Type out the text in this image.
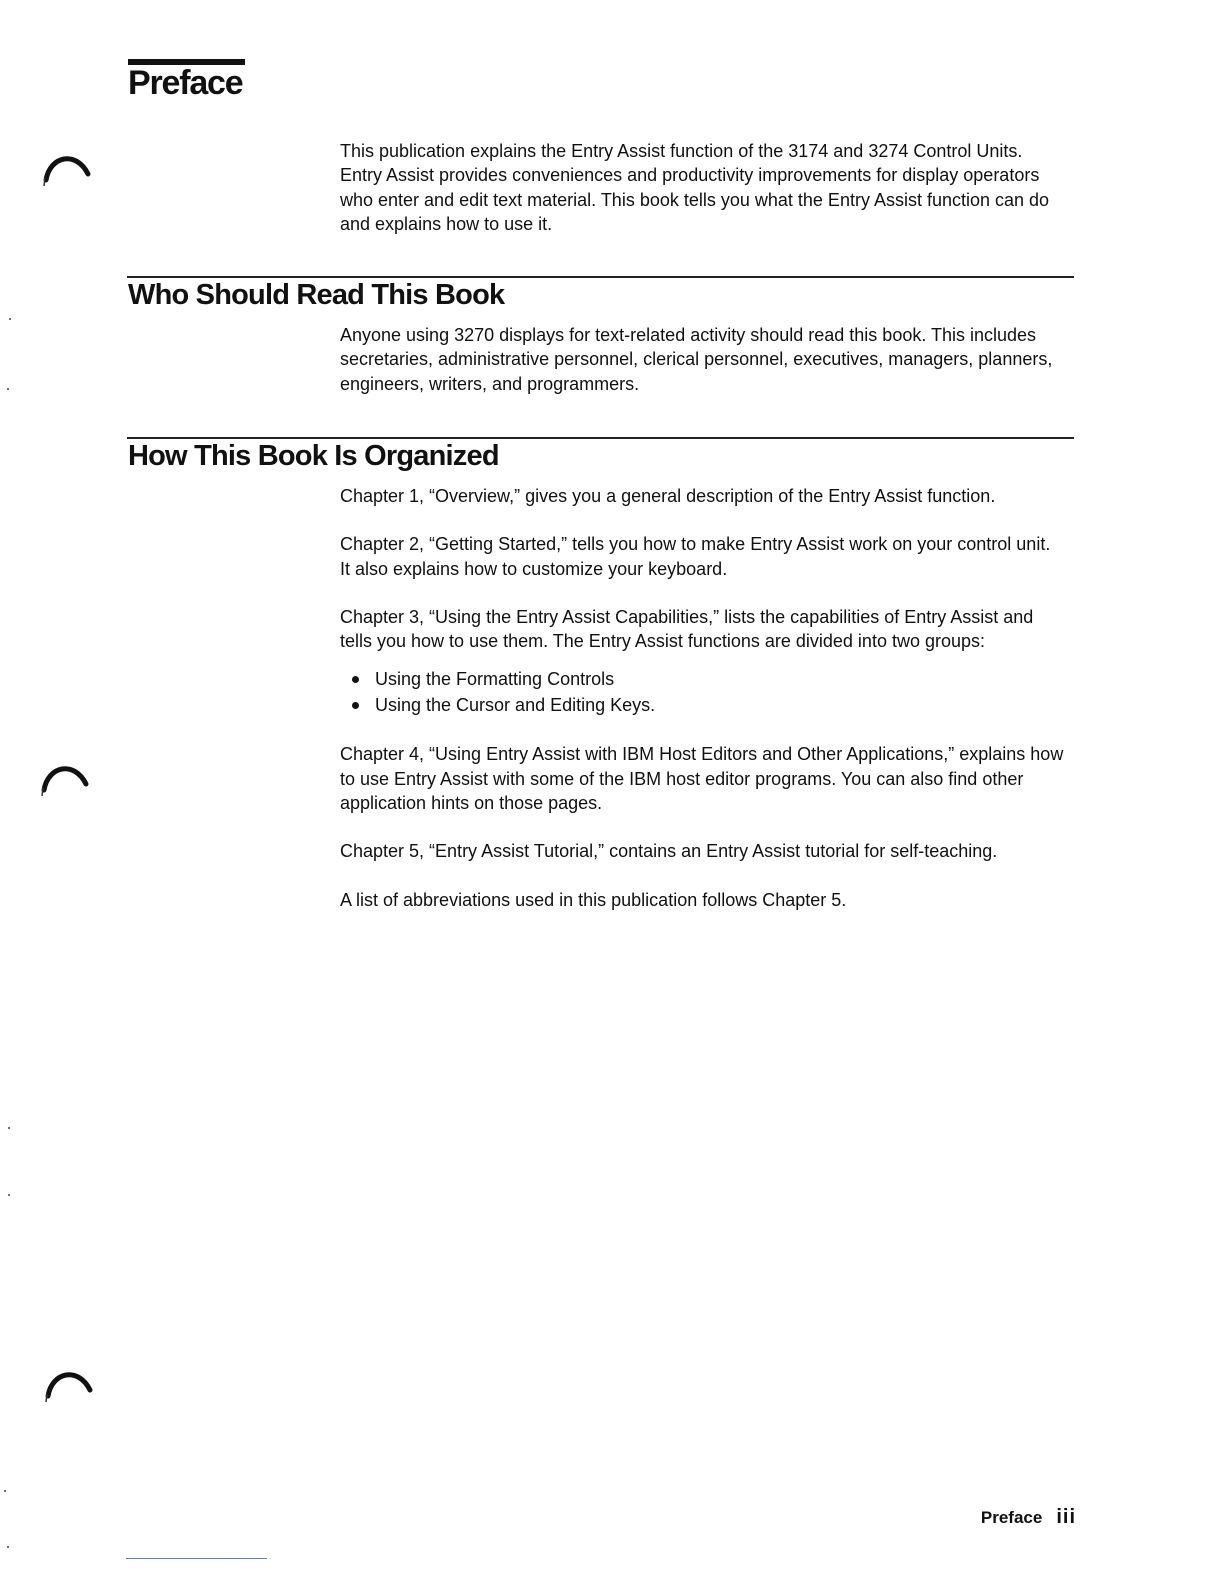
Preface

This publication explains the Entry Assist function of the 3174 and 3274 Control Units. Entry Assist provides conveniences and productivity improvements for display operators who enter and edit text material. This book tells you what the Entry Assist function can do and explains how to use it.

Who Should Read This Book

Anyone using 3270 displays for text-related activity should read this book. This includes secretaries, administrative personnel, clerical personnel, executives, managers, planners, engineers, writers, and programmers.

How This Book Is Organized

Chapter 1, “Overview,” gives you a general description of the Entry Assist function.

Chapter 2, “Getting Started,” tells you how to make Entry Assist work on your control unit. It also explains how to customize your keyboard.

Chapter 3, “Using the Entry Assist Capabilities,” lists the capabilities of Entry Assist and tells you how to use them. The Entry Assist functions are divided into two groups:

Using the Formatting Controls
Using the Cursor and Editing Keys.

Chapter 4, “Using Entry Assist with IBM Host Editors and Other Applications,” explains how to use Entry Assist with some of the IBM host editor programs. You can also find other application hints on those pages.

Chapter 5, “Entry Assist Tutorial,” contains an Entry Assist tutorial for self-teaching.

A list of abbreviations used in this publication follows Chapter 5.

Preface iii
